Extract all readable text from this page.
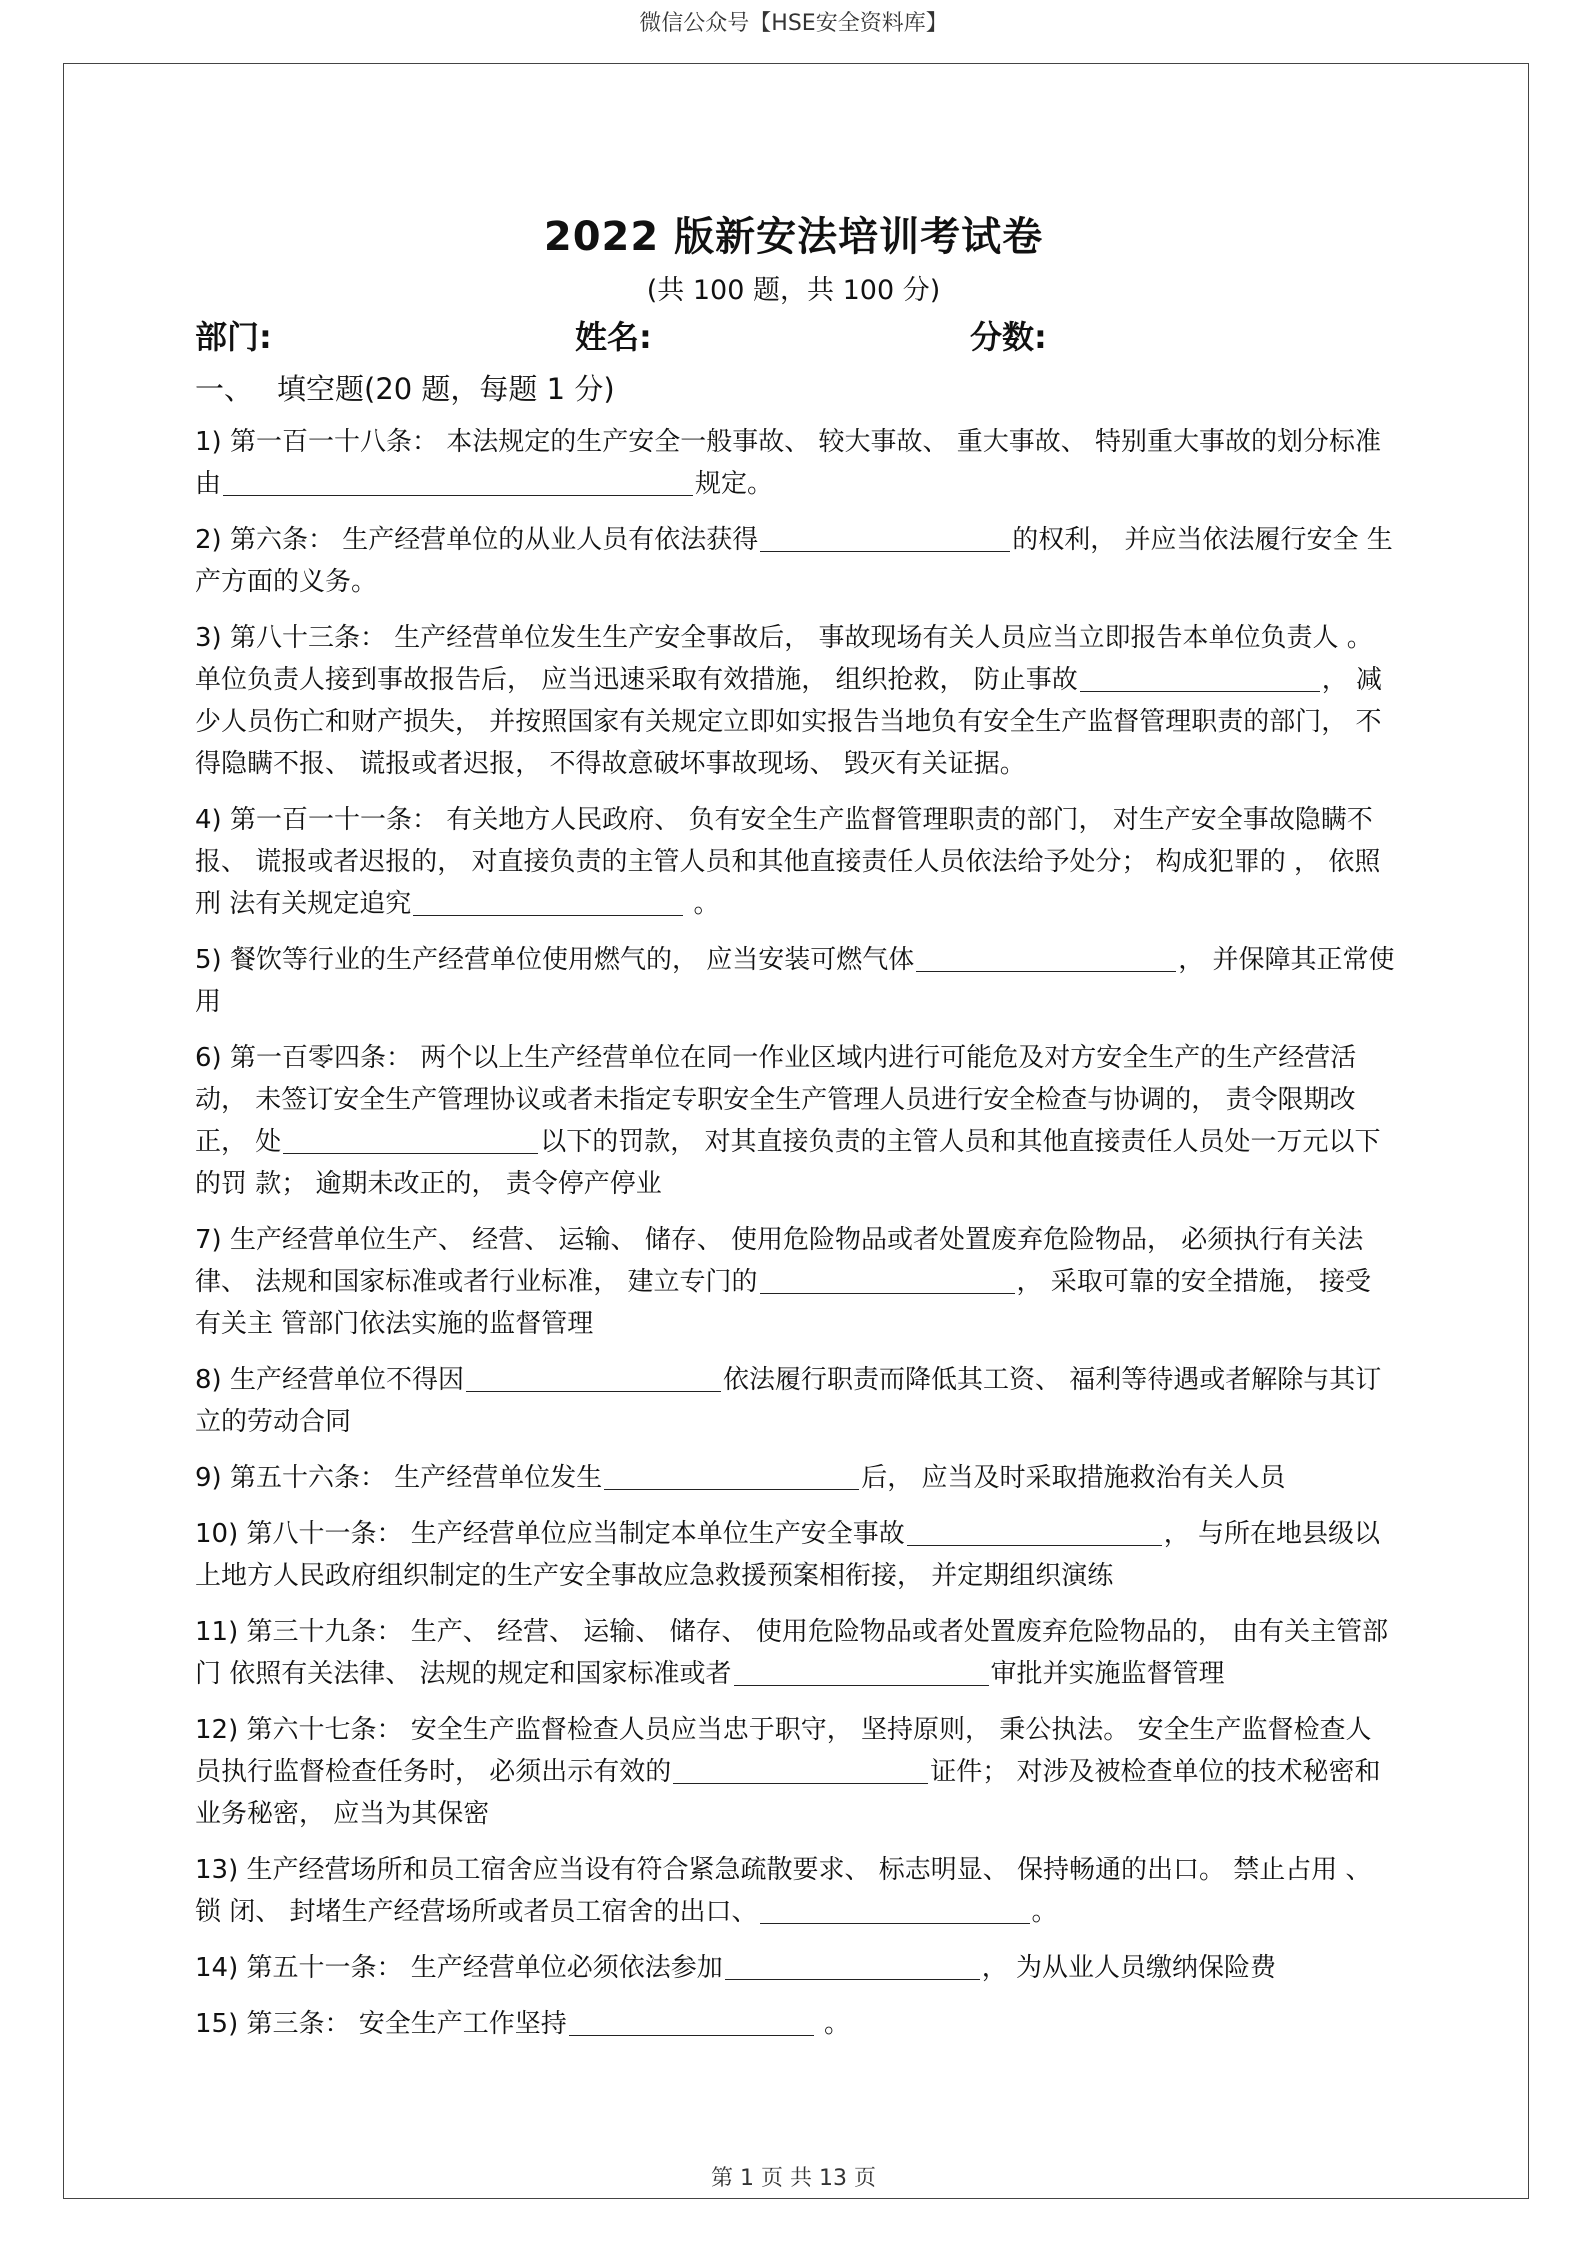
微信公众号【HSE安全资料库】
2022 版新安法培训考试卷
(共 100 题，共 100 分)
部门:	姓名:	分数:
一、 填空题(20 题，每题 1 分)
1) 第一百一十八条： 本法规定的生产安全一般事故、 较大事故、 重大事故、 特别重大事故的划分标准 由	规定。
2) 第六条： 生产经营单位的从业人员有依法获得	的权利， 并应当依法履行安全 生产方面的义务。
3) 第八十三条： 生产经营单位发生生产安全事故后， 事故现场有关人员应当立即报告本单位负责人 。 单位负责人接到事故报告后， 应当迅速采取有效措施， 组织抢救， 防止事故	， 减少人员伤亡和财产损失， 并按照国家有关规定立即如实报告当地负有安全生产监督管理职责的部门， 不得隐瞒不报、 谎报或者迟报， 不得故意破坏事故现场、 毁灭有关证据。
4) 第一百一十一条： 有关地方人民政府、 负有安全生产监督管理职责的部门， 对生产安全事故隐瞒不 报、 谎报或者迟报的， 对直接负责的主管人员和其他直接责任人员依法给予处分； 构成犯罪的 ， 依照刑 法有关规定追究	。
5) 餐饮等行业的生产经营单位使用燃气的， 应当安装可燃气体	， 并保障其正常使用
6) 第一百零四条： 两个以上生产经营单位在同一作业区域内进行可能危及对方安全生产的生产经营活 动， 未签订安全生产管理协议或者未指定专职安全生产管理人员进行安全检查与协调的， 责令限期改正， 处	以下的罚款， 对其直接负责的主管人员和其他直接责任人员处一万元以下的罚 款； 逾期未改正的， 责令停产停业
7) 生产经营单位生产、 经营、 运输、 储存、 使用危险物品或者处置废弃危险物品， 必须执行有关法律、 法规和国家标准或者行业标准， 建立专门的	， 采取可靠的安全措施， 接受有关主 管部门依法实施的监督管理
8) 生产经营单位不得因	依法履行职责而降低其工资、 福利等待遇或者解除与其订立的劳动合同
9) 第五十六条： 生产经营单位发生	后， 应当及时采取措施救治有关人员
10) 第八十一条： 生产经营单位应当制定本单位生产安全事故	， 与所在地县级以 上地方人民政府组织制定的生产安全事故应急救援预案相衔接， 并定期组织演练
11) 第三十九条： 生产、 经营、 运输、 储存、 使用危险物品或者处置废弃危险物品的， 由有关主管部门 依照有关法律、 法规的规定和国家标准或者	审批并实施监督管理
12) 第六十七条： 安全生产监督检查人员应当忠于职守， 坚持原则， 秉公执法。 安全生产监督检查人 员执行监督检查任务时， 必须出示有效的	证件； 对涉及被检查单位的技术秘密和 业务秘密， 应当为其保密
13) 生产经营场所和员工宿舍应当设有符合紧急疏散要求、 标志明显、 保持畅通的出口。 禁止占用 、 锁 闭、 封堵生产经营场所或者员工宿舍的出口、	。
14) 第五十一条： 生产经营单位必须依法参加	， 为从业人员缴纳保险费
15) 第三条： 安全生产工作坚持	。
第 1 页 共 13 页
